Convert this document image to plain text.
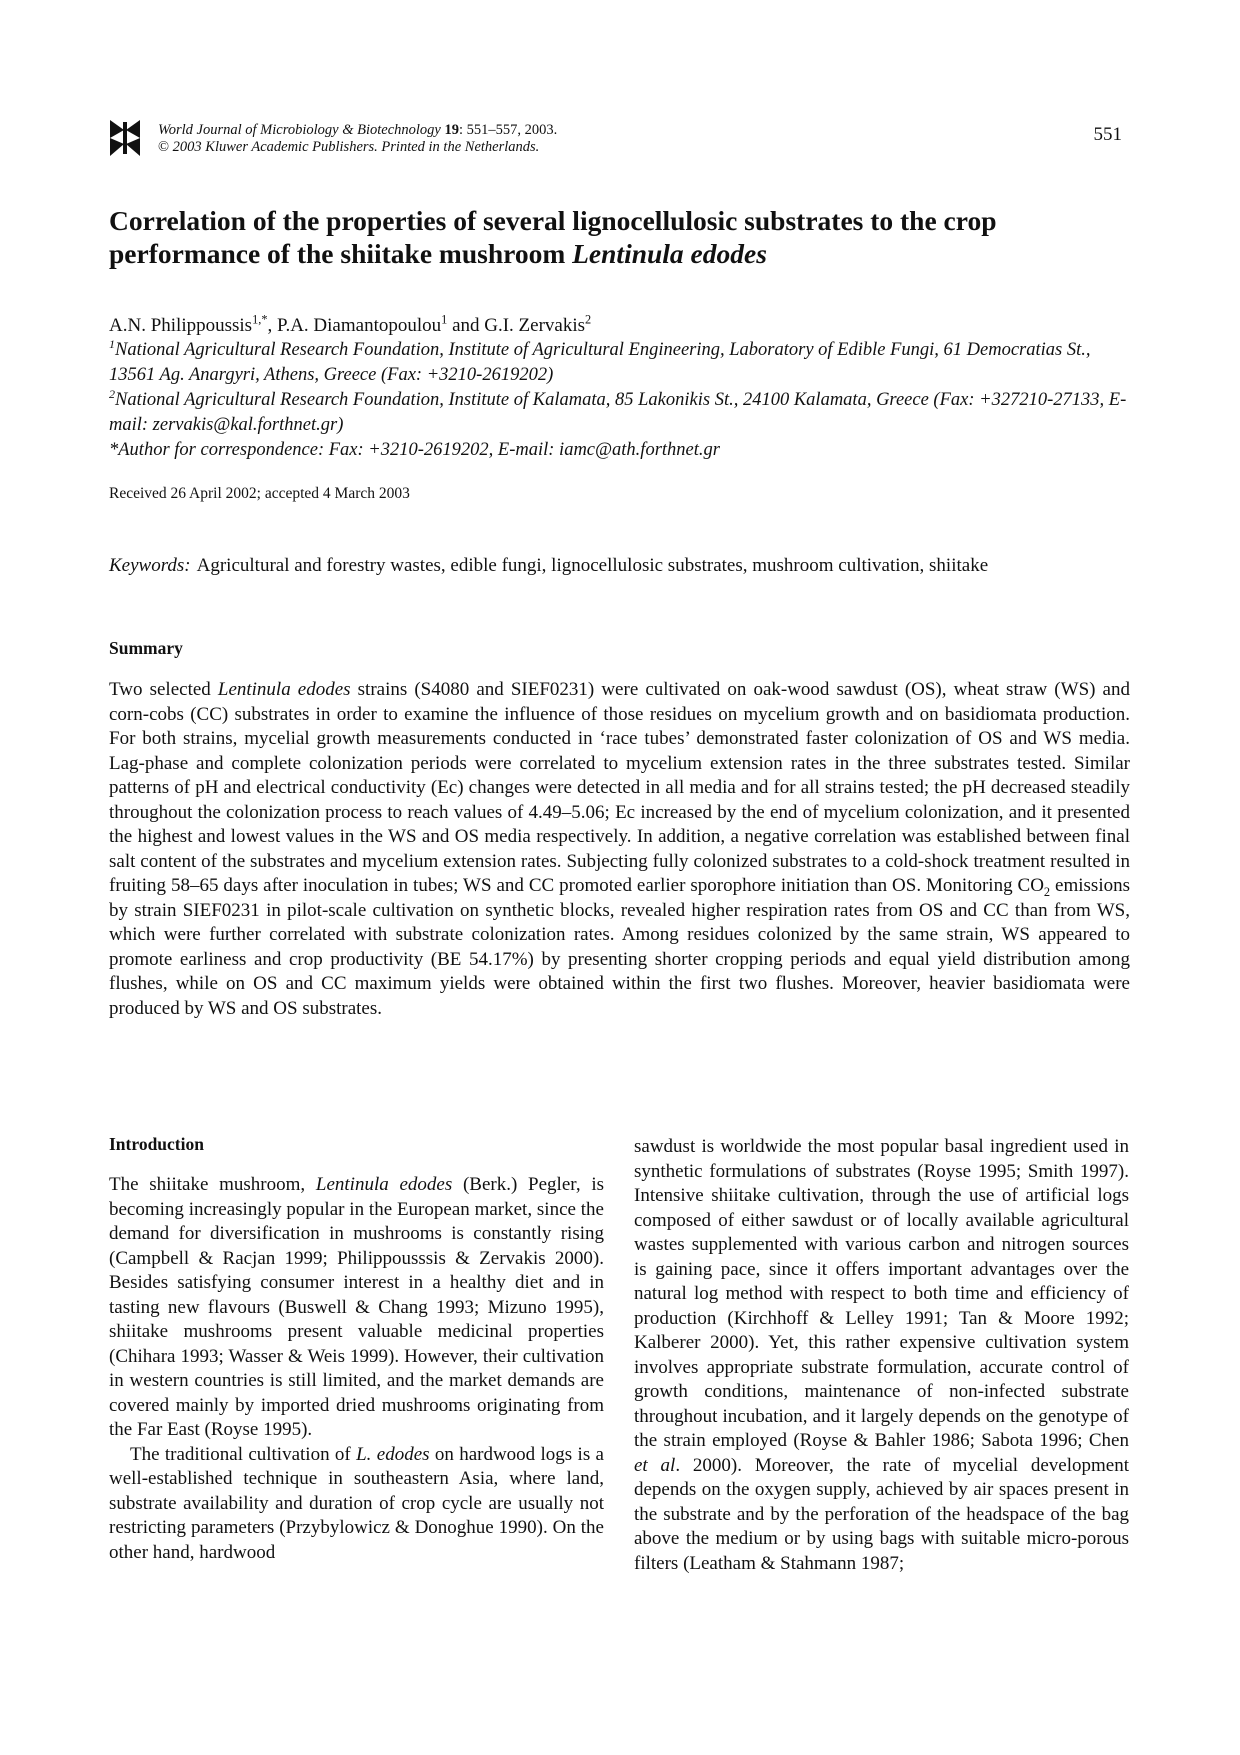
World Journal of Microbiology & Biotechnology 19: 551–557, 2003.
© 2003 Kluwer Academic Publishers. Printed in the Netherlands.
551
Correlation of the properties of several lignocellulosic substrates to the crop performance of the shiitake mushroom Lentinula edodes
A.N. Philippoussis$^{1,*}$, P.A. Diamantopoulou$^1$ and G.I. Zervakis$^2$
$^1$National Agricultural Research Foundation, Institute of Agricultural Engineering, Laboratory of Edible Fungi, 61 Democratias St., 13561 Ag. Anargyri, Athens, Greece (Fax: +3210-2619202)
$^2$National Agricultural Research Foundation, Institute of Kalamata, 85 Lakonikis St., 24100 Kalamata, Greece (Fax: +327210-27133, E-mail: zervakis@kal.forthnet.gr)
*Author for correspondence: Fax: +3210-2619202, E-mail: iamc@ath.forthnet.gr
Received 26 April 2002; accepted 4 March 2003
Keywords: Agricultural and forestry wastes, edible fungi, lignocellulosic substrates, mushroom cultivation, shiitake
Summary

Two selected Lentinula edodes strains (S4080 and SIEF0231) were cultivated on oak-wood sawdust (OS), wheat straw (WS) and corn-cobs (CC) substrates in order to examine the influence of those residues on mycelium growth and on basidiomata production. For both strains, mycelial growth measurements conducted in ‘race tubes’ demonstrated faster colonization of OS and WS media. Lag-phase and complete colonization periods were correlated to mycelium extension rates in the three substrates tested. Similar patterns of pH and electrical conductivity (Ec) changes were detected in all media and for all strains tested; the pH decreased steadily throughout the colonization process to reach values of 4.49–5.06; Ec increased by the end of mycelium colonization, and it presented the highest and lowest values in the WS and OS media respectively. In addition, a negative correlation was established between final salt content of the substrates and mycelium extension rates. Subjecting fully colonized substrates to a cold-shock treatment resulted in fruiting 58–65 days after inoculation in tubes; WS and CC promoted earlier sporophore initiation than OS. Monitoring $CO_2$ emissions by strain SIEF0231 in pilot-scale cultivation on synthetic blocks, revealed higher respiration rates from OS and CC than from WS, which were further correlated with substrate colonization rates. Among residues colonized by the same strain, WS appeared to promote earliness and crop productivity (BE 54.17%) by presenting shorter cropping periods and equal yield distribution among flushes, while on OS and CC maximum yields were obtained within the first two flushes. Moreover, heavier basidiomata were produced by WS and OS substrates.

Introduction

The shiitake mushroom, Lentinula edodes (Berk.) Pegler, is becoming increasingly popular in the European market, since the demand for diversification in mushrooms is constantly rising (Campbell & Racjan 1999; Philippousssis & Zervakis 2000). Besides satisfying consumer interest in a healthy diet and in tasting new flavours (Buswell & Chang 1993; Mizuno 1995), shiitake mushrooms present valuable medicinal properties (Chihara 1993; Wasser & Weis 1999). However, their cultivation in western countries is still limited, and the market demands are covered mainly by imported dried mushrooms originating from the Far East (Royse 1995).

The traditional cultivation of L. edodes on hardwood logs is a well-established technique in southeastern Asia, where land, substrate availability and duration of crop cycle are usually not restricting parameters (Przybylowicz & Donoghue 1990). On the other hand, hardwood

sawdust is worldwide the most popular basal ingredient used in synthetic formulations of substrates (Royse 1995; Smith 1997). Intensive shiitake cultivation, through the use of artificial logs composed of either sawdust or of locally available agricultural wastes supplemented with various carbon and nitrogen sources is gaining pace, since it offers important advantages over the natural log method with respect to both time and efficiency of production (Kirchhoff & Lelley 1991; Tan & Moore 1992; Kalberer 2000). Yet, this rather expensive cultivation system involves appropriate substrate formulation, accurate control of growth conditions, maintenance of non-infected substrate throughout incubation, and it largely depends on the genotype of the strain employed (Royse & Bahler 1986; Sabota 1996; Chen et al. 2000). Moreover, the rate of mycelial development depends on the oxygen supply, achieved by air spaces present in the substrate and by the perforation of the headspace of the bag above the medium or by using bags with suitable micro-porous filters (Leatham & Stahmann 1987;
